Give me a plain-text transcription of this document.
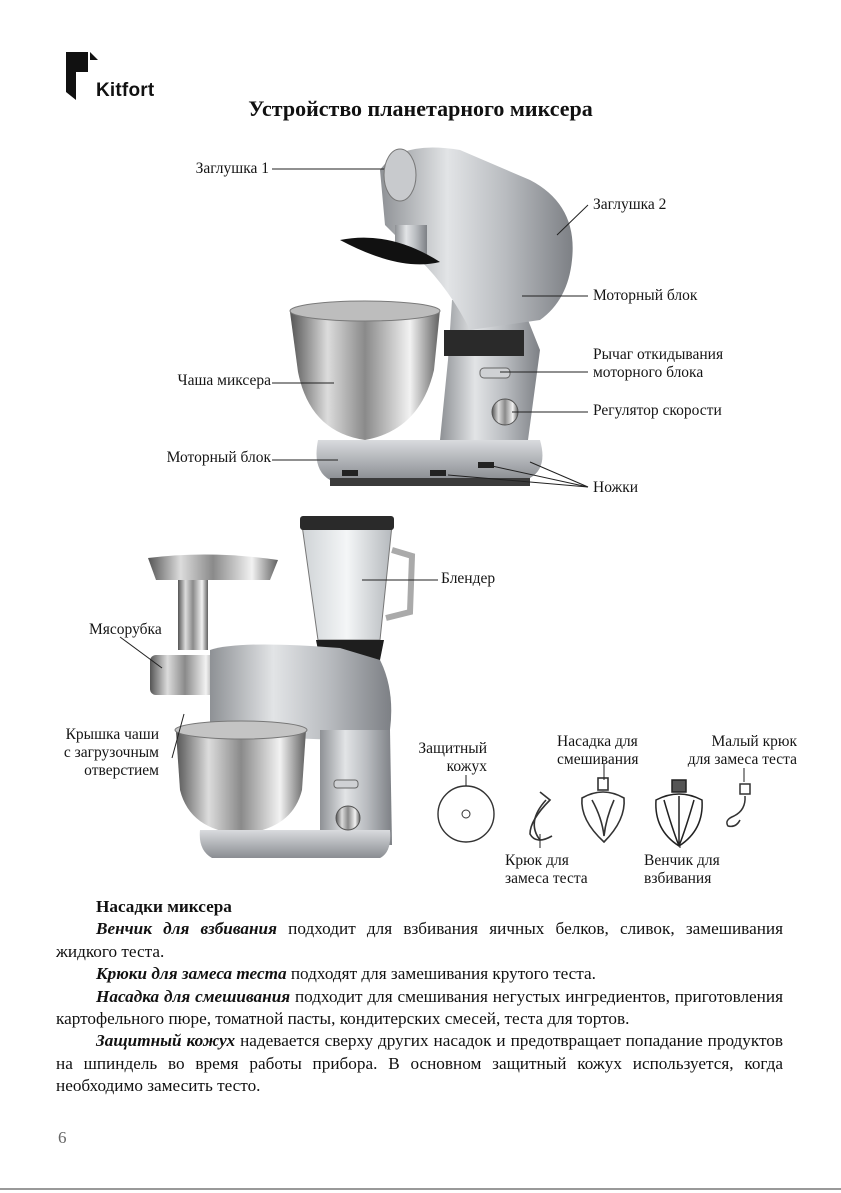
Kitfort
Устройство планетарного миксера
Заглушка 1
Заглушка 2
Моторный блок
Рычаг откидывания
моторного блока
Регулятор скорости
Чаша миксера
Моторный блок
Ножки
Блендер
Мясорубка
Крышка чаши
с загрузочным
отверстием
Защитный
кожух
Насадка для
смешивания
Малый крюк
для замеса теста
Крюк для
замеса теста
Венчик для
взбивания
Насадки миксера

Венчик для взбивания подходит для взбивания яичных белков, сливок, замешивания жидкого теста.

Крюки для замеса теста подходят для замешивания крутого теста.

Насадка для смешивания подходит для смешивания негустых ингредиентов, приготовления картофельного пюре, томатной пасты, кондитерских смесей, теста для тортов.

Защитный кожух надевается сверху других насадок и предотвращает попадание продуктов на шпиндель во время работы прибора. В основном защитный кожух используется, когда необходимо замесить тесто.

6
